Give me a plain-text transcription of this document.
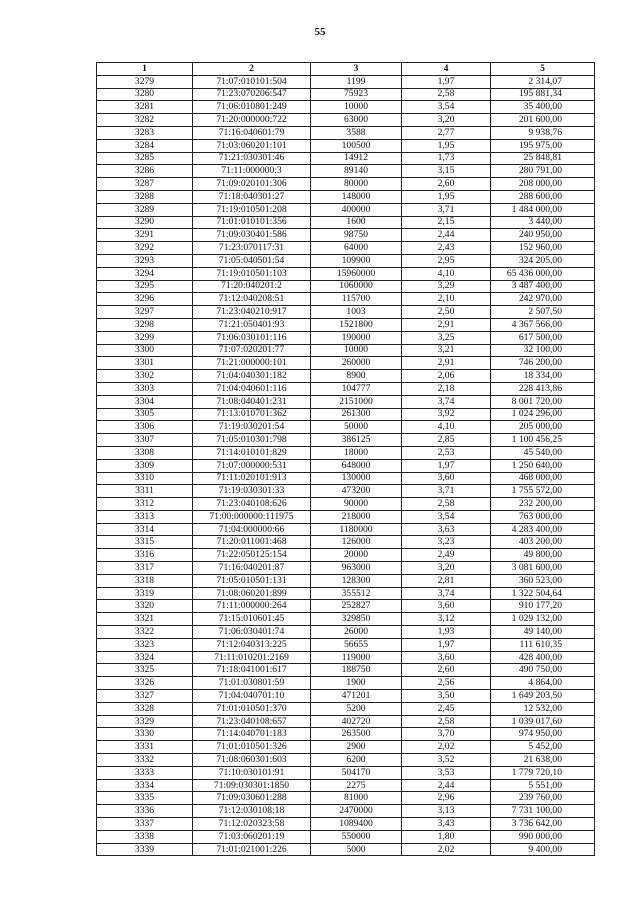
55
1	2	3	4	5
3279	71:07:010101:504	1199	1,97	2 314,07
3280	71:23:070206:547	75923	2,58	195 881,34
3281	71:06:010801:249	10000	3,54	35 400,00
3282	71:20:000000:722	63000	3,20	201 600,00
3283	71:16:040601:79	3588	2,77	9 938,76
3284	71:03:060201:101	100500	1,95	195 975,00
3285	71:21:030301:46	14912	1,73	25 848,81
3286	71:11:000000:3	89140	3,15	280 791,00
3287	71:09:020101:306	80000	2,60	208 000,00
3288	71:18:040301:27	148000	1,95	288 600,00
3289	71:19:010501:208	400000	3,71	1 484 000,00
3290	71:01:010101:356	1600	2,15	3 440,00
3291	71:09:030401:586	98750	2,44	240 950,00
3292	71:23:070117:31	64000	2,43	152 960,00
3293	71:05:040501:54	109900	2,95	324 205,00
3294	71:19:010501:103	15960000	4,10	65 436 000,00
3295	71:20:040201:2	1060000	3,29	3 487 400,00
3296	71:12:040208:51	115700	2,10	242 970,00
3297	71:23:040210:917	1003	2,50	2 507,50
3298	71:21:050401:93	1521800	2,91	4 367 566,00
3299	71:06:030101:116	190000	3,25	617 500,00
3300	71:07:020201:77	10000	3,21	32 100,00
3301	71:21:000000:101	260000	2,91	746 200,00
3302	71:04:040301:182	8900	2,06	18 334,00
3303	71:04:040601:116	104777	2,18	228 413,86
3304	71:08:040401:231	2151000	3,74	8 001 720,00
3305	71:13:010701:362	261300	3,92	1 024 296,00
3306	71:19:030201:54	50000	4,10	205 000,00
3307	71:05:010301:798	386125	2,85	1 100 456,25
3308	71:14:010101:829	18000	2,53	45 540,00
3309	71:07:000000:531	648000	1,97	1 250 640,00
3310	71:11:020101:913	130000	3,60	468 000,00
3311	71:19:030301:33	473200	3,71	1 755 572,00
3312	71:23:040108:626	90000	2,58	232 200,00
3313	71:00:000000:111975	218000	3,54	763 000,00
3314	71:04:000000:66	1180000	3,63	4 283 400,00
3315	71:20:011001:468	126000	3,23	403 200,00
3316	71:22:050125:154	20000	2,49	49 800,00
3317	71:16:040201:87	963000	3,20	3 081 600,00
3318	71:05:010501:131	128300	2,81	360 523,00
3319	71:08:060201:899	355512	3,74	1 322 504,64
3320	71:11:000000:264	252827	3,60	910 177,20
3321	71:15:010601:45	329850	3,12	1 029 132,00
3322	71:06:030401:74	26000	1,93	49 140,00
3323	71:12:040313:225	56655	1,97	111 610,35
3324	71:11:010201:2169	119000	3,60	428 400,00
3325	71:18:041001:617	188750	2,60	490 750,00
3326	71:01:030801:59	1900	2,56	4 864,00
3327	71:04:040701:10	471201	3,50	1 649 203,50
3328	71:01:010501:370	5200	2,45	12 532,00
3329	71:23:040108:657	402720	2,58	1 039 017,60
3330	71:14:040701:183	263500	3,70	974 950,00
3331	71:01:010501:326	2900	2,02	5 452,00
3332	71:08:060301:603	6200	3,52	21 638,00
3333	71:10:030101:91	504170	3,53	1 779 720,10
3334	71:09:030301:1850	2275	2,44	5 551,00
3335	71:09:030601:288	81000	2,96	239 760,00
3336	71:12:030108:18	2470000	3,13	7 731 100,00
3337	71:12:020323:58	1089400	3,43	3 736 642,00
3338	71:03:060201:19	550000	1,80	990 000,00
3339	71:01:021001:226	5000	2,02	9 400,00
